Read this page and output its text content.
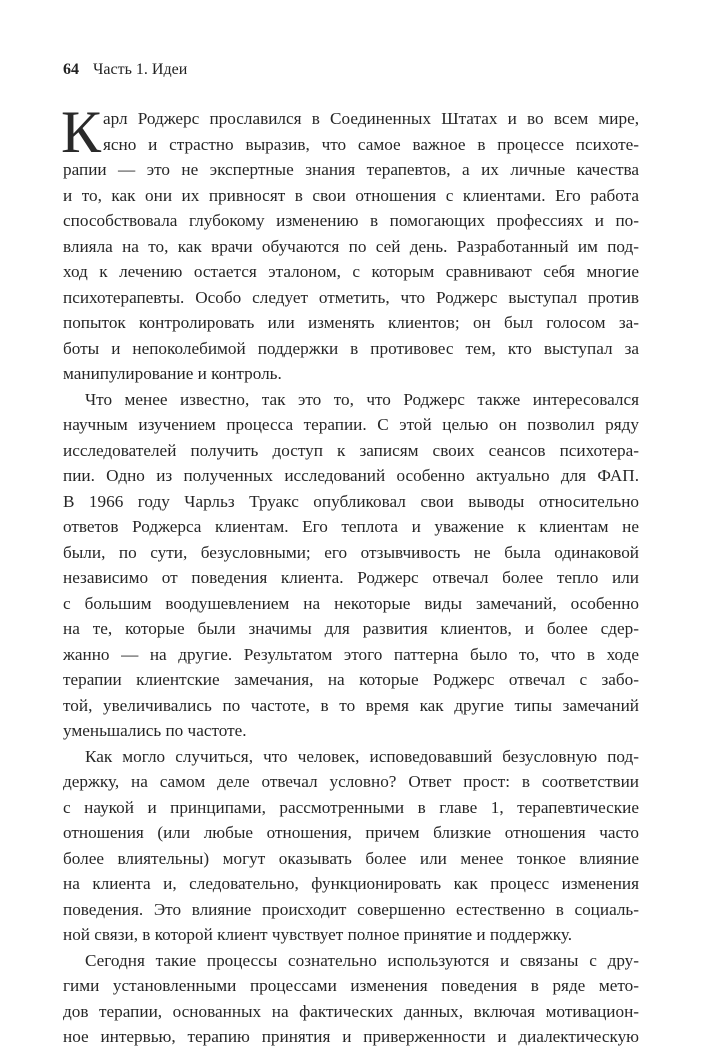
64 Часть 1. Идеи
К арл Роджерс прославился в Соединенных Штатах и во всем мире,
ясно и страстно выразив, что самое важное в процессе психоте-
рапии — это не экспертные знания терапевтов, а их личные качества
и то, как они их привносят в свои отношения с клиентами. Его работа
способствовала глубокому изменению в помогающих профессиях и по-
влияла на то, как врачи обучаются по сей день. Разработанный им под-
ход к лечению остается эталоном, с которым сравнивают себя многие
психотерапевты. Особо следует отметить, что Роджерс выступал против
попыток контролировать или изменять клиентов; он был голосом за-
боты и непоколебимой поддержки в противовес тем, кто выступал за
манипулирование и контроль.
Что менее известно, так это то, что Роджерс также интересовался
научным изучением процесса терапии. С этой целью он позволил ряду
исследователей получить доступ к записям своих сеансов психотера-
пии. Одно из полученных исследований особенно актуально для ФАП.
В 1966 году Чарльз Труакс опубликовал свои выводы относительно
ответов Роджерса клиентам. Его теплота и уважение к клиентам не
были, по сути, безусловными; его отзывчивость не была одинаковой
независимо от поведения клиента. Роджерс отвечал более тепло или
с большим воодушевлением на некоторые виды замечаний, особенно
на те, которые были значимы для развития клиентов, и более сдер-
жанно — на другие. Результатом этого паттерна было то, что в ходе
терапии клиентские замечания, на которые Роджерс отвечал с забо-
той, увеличивались по частоте, в то время как другие типы замечаний
уменьшались по частоте.
Как могло случиться, что человек, исповедовавший безусловную под-
держку, на самом деле отвечал условно? Ответ прост: в соответствии
с наукой и принципами, рассмотренными в главе 1, терапевтические
отношения (или любые отношения, причем близкие отношения часто
более влиятельны) могут оказывать более или менее тонкое влияние
на клиента и, следовательно, функционировать как процесс изменения
поведения. Это влияние происходит совершенно естественно в социаль-
ной связи, в которой клиент чувствует полное принятие и поддержку.
Сегодня такие процессы сознательно используются и связаны с дру-
гими установленными процессами изменения поведения в ряде мето-
дов терапии, основанных на фактических данных, включая мотивацион-
ное интервью, терапию принятия и приверженности и диалектическую
